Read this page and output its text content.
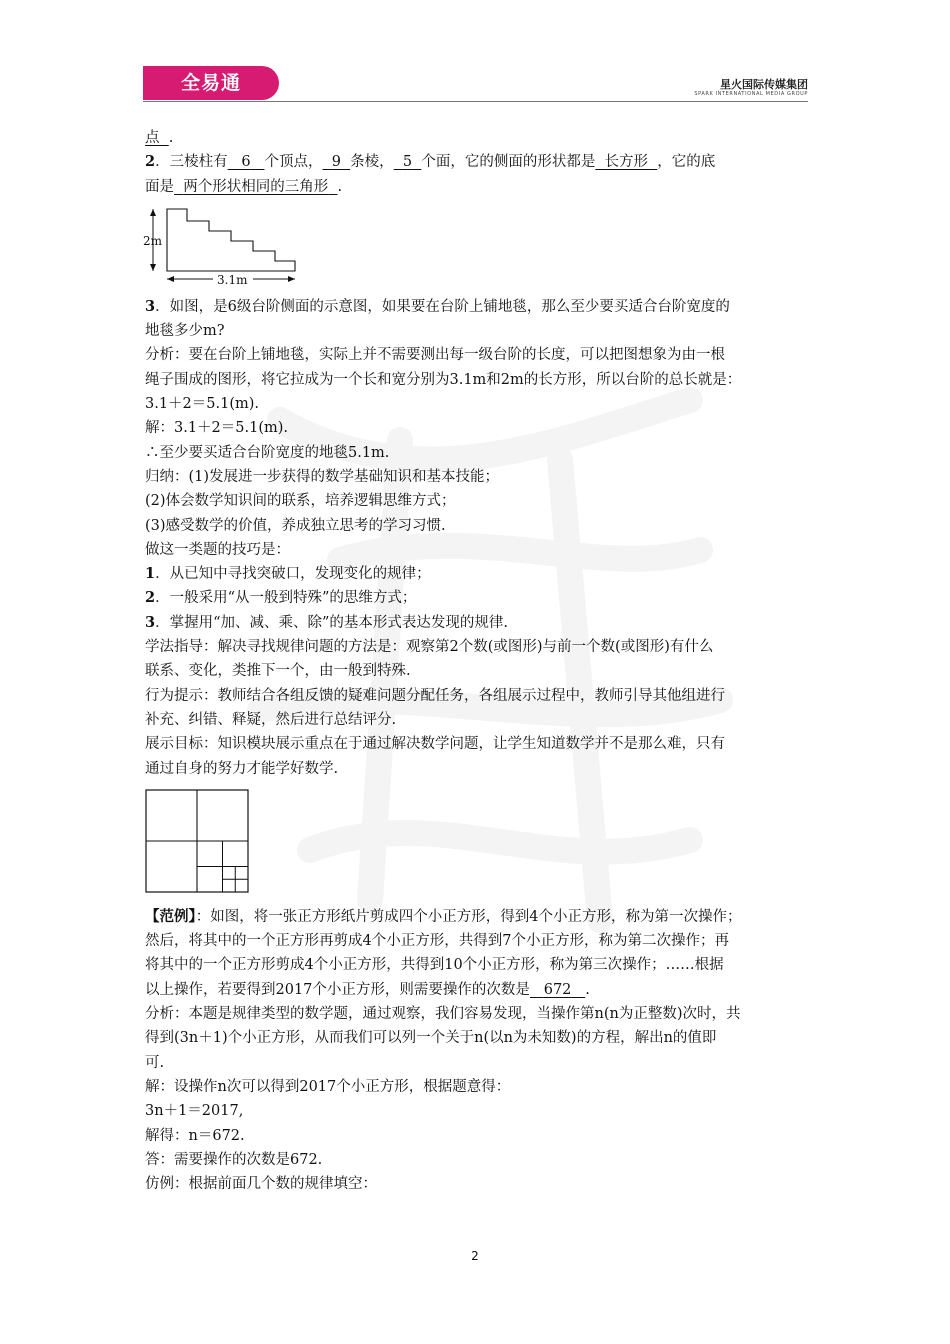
全易通	星火国际传媒集团
SPARK INTERNATIONAL MEDIA GROUP
点 .
2．三棱柱有 6 个顶点， 9 条棱， 5 个面，它的侧面的形状都是 长方形 ，它的底
面是 两个形状相同的三角形 .
2m
3.1m
3．如图，是6级台阶侧面的示意图，如果要在台阶上铺地毯，那么至少要买适合台阶宽度的
地毯多少m?
分析：要在台阶上铺地毯，实际上并不需要测出每一级台阶的长度，可以把图想象为由一根
绳子围成的图形，将它拉成为一个长和宽分别为3.1m和2m的长方形，所以台阶的总长就是：
3.1＋2＝5.1(m).
解：3.1＋2＝5.1(m).
∴至少要买适合台阶宽度的地毯5.1m.
归纳：(1)发展进一步获得的数学基础知识和基本技能；
(2)体会数学知识间的联系，培养逻辑思维方式；
(3)感受数学的价值，养成独立思考的学习习惯.
做这一类题的技巧是：
1．从已知中寻找突破口，发现变化的规律；
2．一般采用“从一般到特殊”的思维方式；
3．掌握用“加、减、乘、除”的基本形式表达发现的规律.
学法指导：解决寻找规律问题的方法是：观察第2个数(或图形)与前一个数(或图形)有什么
联系、变化，类推下一个，由一般到特殊.
行为提示：教师结合各组反馈的疑难问题分配任务，各组展示过程中，教师引导其他组进行
补充、纠错、释疑，然后进行总结评分.
展示目标：知识模块展示重点在于通过解决数学问题，让学生知道数学并不是那么难，只有
通过自身的努力才能学好数学.
【范例】：如图，将一张正方形纸片剪成四个小正方形，得到4个小正方形，称为第一次操作；
然后，将其中的一个正方形再剪成4个小正方形，共得到7个小正方形，称为第二次操作；再
将其中的一个正方形剪成4个小正方形，共得到10个小正方形，称为第三次操作；……根据
以上操作，若要得到2017个小正方形，则需要操作的次数是 672 .
分析：本题是规律类型的数学题，通过观察，我们容易发现，当操作第n(n为正整数)次时，共
得到(3n＋1)个小正方形，从而我们可以列一个关于n(以n为未知数)的方程，解出n的值即
可.
解：设操作n次可以得到2017个小正方形，根据题意得：
3n＋1＝2017,
解得：n＝672.
答：需要操作的次数是672.
仿例：根据前面几个数的规律填空：
2
